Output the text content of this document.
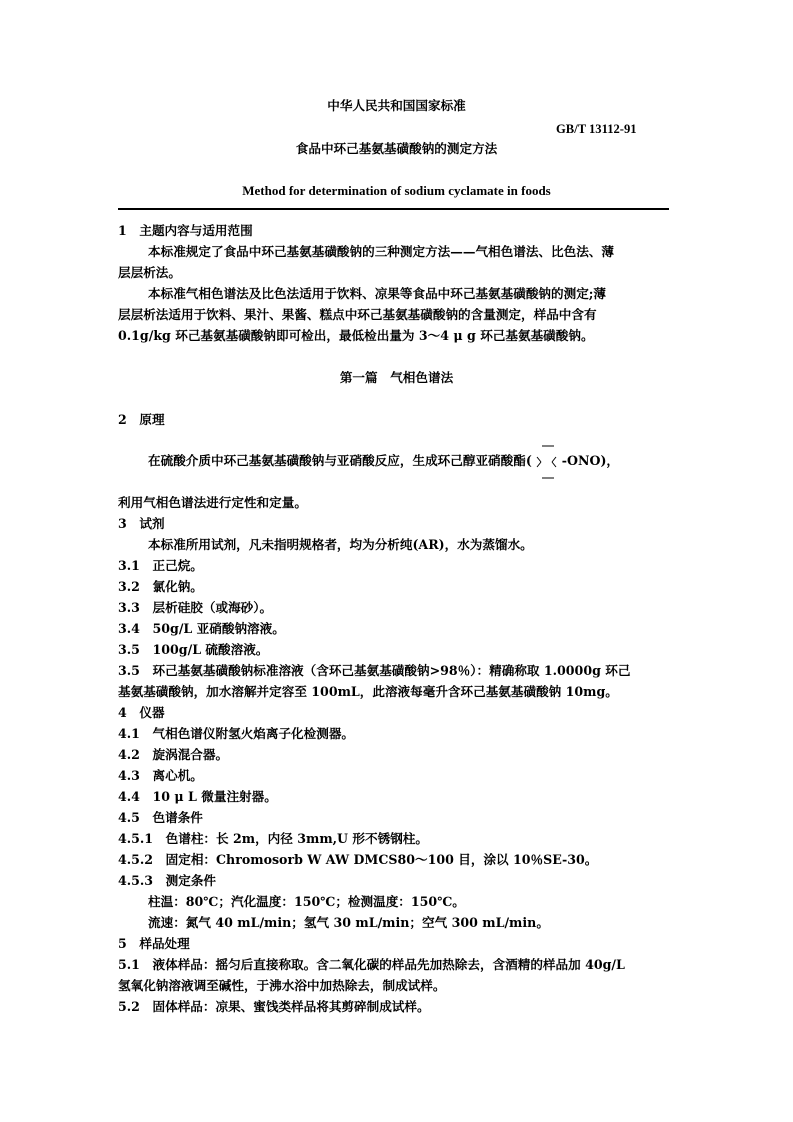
中华人民共和国国家标准
GB/T 13112-91
食品中环己基氨基磺酸钠的测定方法
Method for determination of sodium cyclamate in foods
1　主题内容与适用范围
本标准规定了食品中环己基氨基磺酸钠的三种测定方法——气相色谱法、比色法、薄
层层析法。
本标准气相色谱法及比色法适用于饮料、凉果等食品中环己基氨基磺酸钠的测定;薄
层层析法适用于饮料、果汁、果酱、糕点中环己基氨基磺酸钠的含量测定，样品中含有
0.1g/kg 环己基氨基磺酸钠即可检出，最低检出量为 3～4 μ g 环己基氨基磺酸钠。
第一篇　气相色谱法
2　原理
在硫酸介质中环己基氨基磺酸钠与亚硝酸反应，生成环己醇亚硝酸酯( -ONO)，
利用气相色谱法进行定性和定量。
3　试剂
本标准所用试剂，凡未指明规格者，均为分析纯(AR)，水为蒸馏水。
3.1　正己烷。
3.2　氯化钠。
3.3　层析硅胶（或海砂）。
3.4　50g/L 亚硝酸钠溶液。
3.5　100g/L 硫酸溶液。
3.5　环己基氨基磺酸钠标准溶液（含环己基氨基磺酸钠>98％）：精确称取 1.0000g 环己
基氨基磺酸钠，加水溶解并定容至 100mL，此溶液每毫升含环己基氨基磺酸钠 10mg。
4　仪器
4.1　气相色谱仪附氢火焰离子化检测器。
4.2　旋涡混合器。
4.3　离心机。
4.4　10 μ L 微量注射器。
4.5　色谱条件
4.5.1　色谱柱：长 2m，内径 3mm,U 形不锈钢柱。
4.5.2　固定相：Chromosorb W AW DMCS80～100 目，涂以 10％SE-30。
4.5.3　测定条件
柱温：80℃；汽化温度：150℃；检测温度：150℃。
流速：氮气 40 mL/min；氢气 30 mL/min；空气 300 mL/min。
5　样品处理
5.1　液体样品：摇匀后直接称取。含二氧化碳的样品先加热除去，含酒精的样品加 40g/L
氢氧化钠溶液调至碱性，于沸水浴中加热除去，制成试样。
5.2　固体样品：凉果、蜜饯类样品将其剪碎制成试样。
